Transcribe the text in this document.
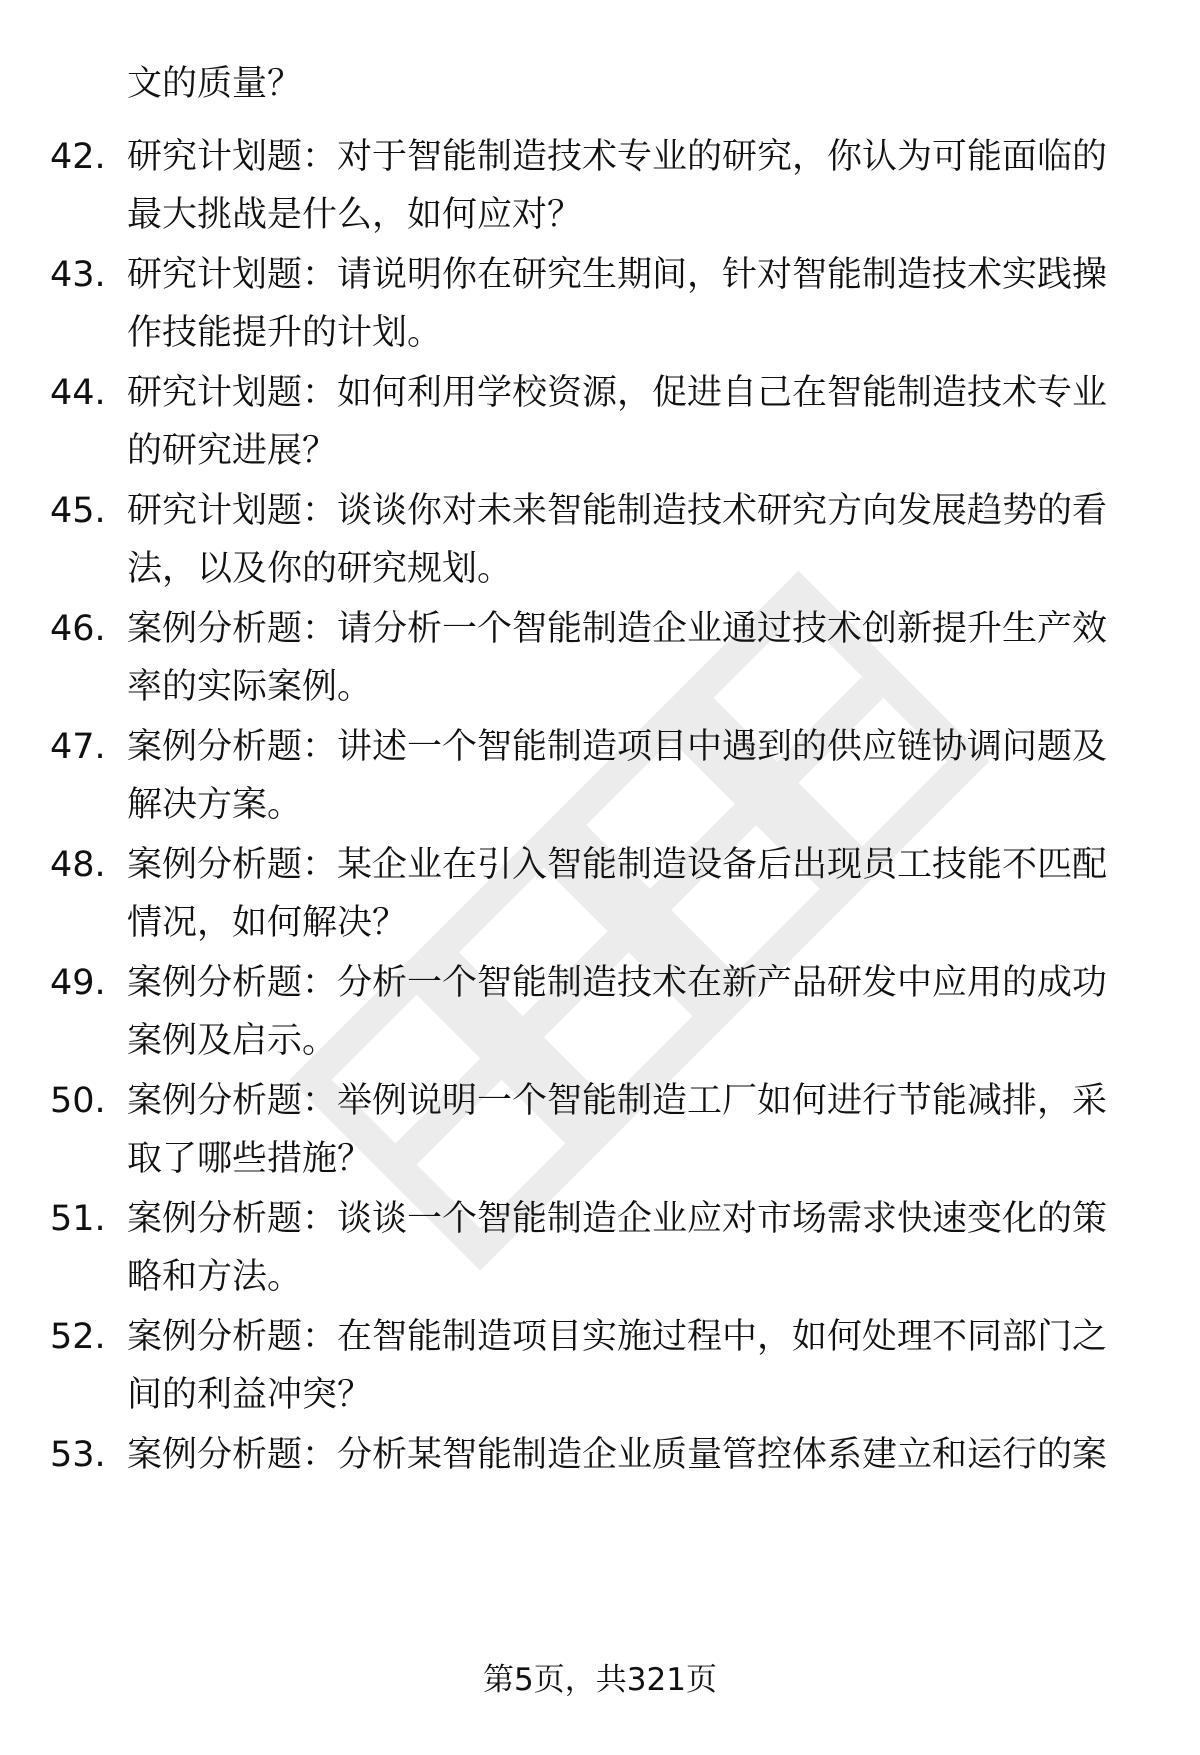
文的质量？
42. 研究计划题：对于智能制造技术专业的研究，你认为可能面临的
最大挑战是什么，如何应对？
43. 研究计划题：请说明你在研究生期间，针对智能制造技术实践操
作技能提升的计划。
44. 研究计划题：如何利用学校资源，促进自己在智能制造技术专业
的研究进展？
45. 研究计划题：谈谈你对未来智能制造技术研究方向发展趋势的看
法，以及你的研究规划。
46. 案例分析题：请分析一个智能制造企业通过技术创新提升生产效
率的实际案例。
47. 案例分析题：讲述一个智能制造项目中遇到的供应链协调问题及
解决方案。
48. 案例分析题：某企业在引入智能制造设备后出现员工技能不匹配
情况，如何解决？
49. 案例分析题：分析一个智能制造技术在新产品研发中应用的成功
案例及启示。
50. 案例分析题：举例说明一个智能制造工厂如何进行节能减排，采
取了哪些措施？
51. 案例分析题：谈谈一个智能制造企业应对市场需求快速变化的策
略和方法。
52. 案例分析题：在智能制造项目实施过程中，如何处理不同部门之
间的利益冲突？
53. 案例分析题：分析某智能制造企业质量管控体系建立和运行的案
第5页，共321页
